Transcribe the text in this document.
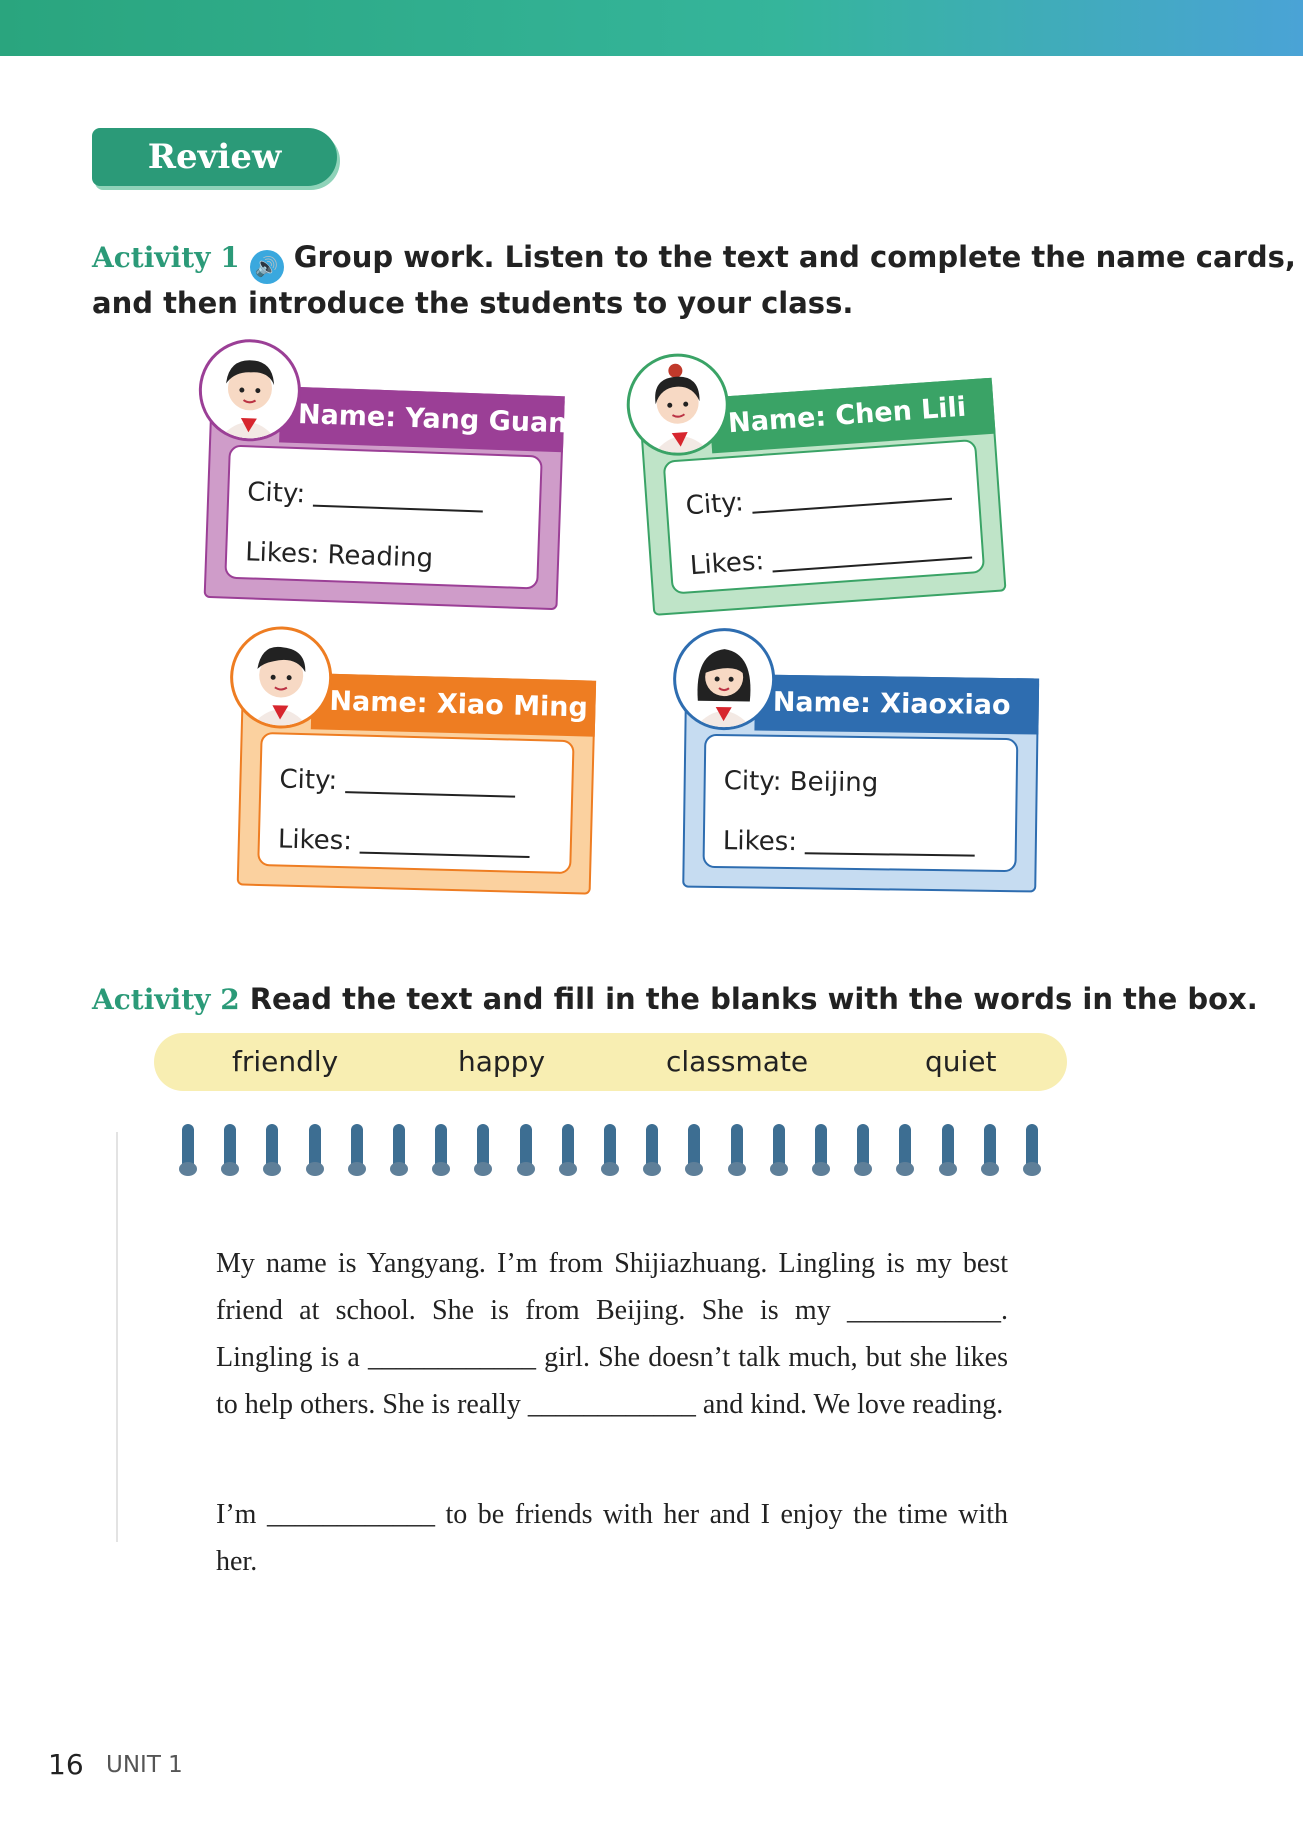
Review
Activity 1 🔊 Group work. Listen to the text and complete the name cards,
and then introduce the students to your class.
Name: Yang Guang
City:
Likes: Reading
Name: Chen Lili
City:
Likes:
Name: Xiao Ming
City:
Likes:
Name: Xiaoxiao
City: Beijing
Likes:
Activity 2 Read the text and fill in the blanks with the words in the box.
friendly	happy	classmate	quiet
My name is Yangyang. I’m from Shijiazhuang. Lingling is my best friend at school. She is from Beijing. She is my ___________. Lingling is a ____________ girl. She doesn’t talk much, but she likes to help others. She is really ____________ and kind. We love reading.
I’m ____________ to be friends with her and I enjoy the time with her.
16 UNIT 1
